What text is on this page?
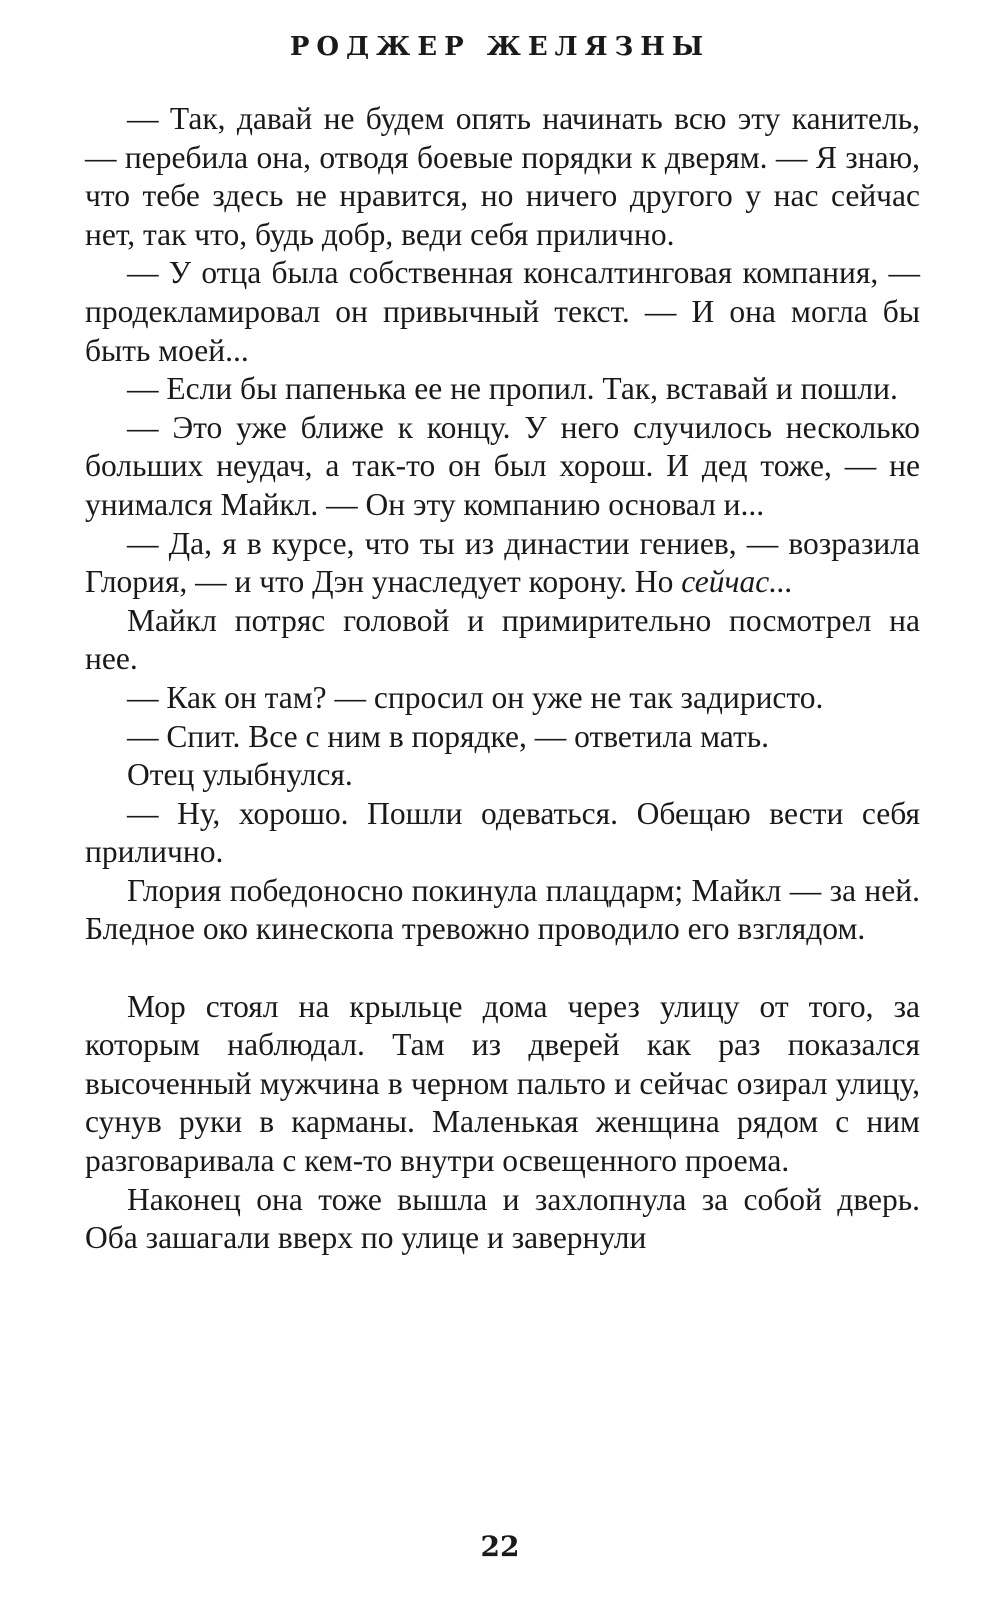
РОДЖЕР ЖЕЛЯЗНЫ

— Так, давай не будем опять начинать всю эту канитель, — перебила она, отводя боевые порядки к дверям. — Я знаю, что тебе здесь не нравится, но ничего другого у нас сейчас нет, так что, будь добр, веди себя прилично.

— У отца была собственная консалтинговая компания, — продекламировал он привычный текст. — И она могла бы быть моей...

— Если бы папенька ее не пропил. Так, вставай и пошли.

— Это уже ближе к концу. У него случилось несколько больших неудач, а так-то он был хорош. И дед тоже, — не унимался Майкл. — Он эту компанию основал и...

— Да, я в курсе, что ты из династии гениев, — возразила Глория, — и что Дэн унаследует корону. Но сейчас...

Майкл потряс головой и примирительно посмотрел на нее.

— Как он там? — спросил он уже не так задиристо.

— Спит. Все с ним в порядке, — ответила мать.

Отец улыбнулся.

— Ну, хорошо. Пошли одеваться. Обещаю вести себя прилично.

Глория победоносно покинула плацдарм; Майкл — за ней. Бледное око кинескопа тревожно проводило его взглядом.

Мор стоял на крыльце дома через улицу от того, за которым наблюдал. Там из дверей как раз показался высоченный мужчина в черном пальто и сейчас озирал улицу, сунув руки в карманы. Маленькая женщина рядом с ним разговаривала с кем-то внутри освещенного проема.

Наконец она тоже вышла и захлопнула за собой дверь. Оба зашагали вверх по улице и завернули

22
